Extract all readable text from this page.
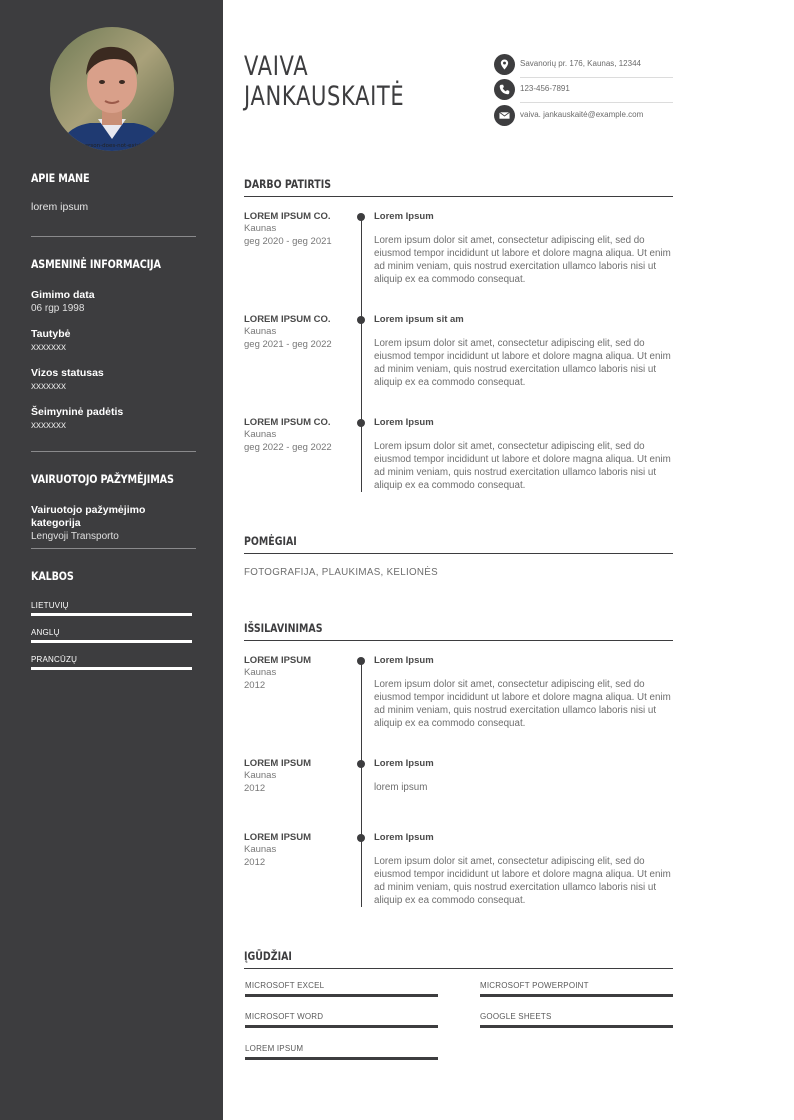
this-person-does-not-exist.com
APIE MANE
lorem ipsum
ASMENINĖ INFORMACIJA
Gimimo data
06 rgp 1998
Tautybė
xxxxxxx
Vizos statusas
xxxxxxx
Šeimyninė padėtis
xxxxxxx
VAIRUOTOJO PAŽYMĖJIMAS
Vairuotojo pažymėjimo kategorija
Lengvoji Transporto
KALBOS
LIETUVIŲ
ANGLŲ
PRANCŪZŲ
VAIVA
JANKAUSKAITĖ
Savanorių pr. 176, Kaunas, 12344
123-456-7891
vaiva. jankauskaitė@example.com
DARBO PATIRTIS
LOREM IPSUM CO.
Kaunas
geg 2020 - geg 2021
Lorem Ipsum
Lorem ipsum dolor sit amet, consectetur adipiscing elit, sed do eiusmod tempor incididunt ut labore et dolore magna aliqua. Ut enim ad minim veniam, quis nostrud exercitation ullamco laboris nisi ut aliquip ex ea commodo consequat.
LOREM IPSUM CO.
Kaunas
geg 2021 - geg 2022
Lorem ipsum sit am
Lorem ipsum dolor sit amet, consectetur adipiscing elit, sed do eiusmod tempor incididunt ut labore et dolore magna aliqua. Ut enim ad minim veniam, quis nostrud exercitation ullamco laboris nisi ut aliquip ex ea commodo consequat.
LOREM IPSUM CO.
Kaunas
geg 2022 - geg 2022
Lorem Ipsum
Lorem ipsum dolor sit amet, consectetur adipiscing elit, sed do eiusmod tempor incididunt ut labore et dolore magna aliqua. Ut enim ad minim veniam, quis nostrud exercitation ullamco laboris nisi ut aliquip ex ea commodo consequat.
POMĖGIAI
FOTOGRAFIJA, PLAUKIMAS, KELIONĖS
IŠSILAVINIMAS
LOREM IPSUM
Kaunas
2012
Lorem Ipsum
Lorem ipsum dolor sit amet, consectetur adipiscing elit, sed do eiusmod tempor incididunt ut labore et dolore magna aliqua. Ut enim ad minim veniam, quis nostrud exercitation ullamco laboris nisi ut aliquip ex ea commodo consequat.
LOREM IPSUM
Kaunas
2012
Lorem Ipsum
lorem ipsum
LOREM IPSUM
Kaunas
2012
Lorem Ipsum
Lorem ipsum dolor sit amet, consectetur adipiscing elit, sed do eiusmod tempor incididunt ut labore et dolore magna aliqua. Ut enim ad minim veniam, quis nostrud exercitation ullamco laboris nisi ut aliquip ex ea commodo consequat.
ĮGŪDŽIAI
MICROSOFT EXCEL	MICROSOFT POWERPOINT
MICROSOFT WORD	GOOGLE SHEETS
LOREM IPSUM
